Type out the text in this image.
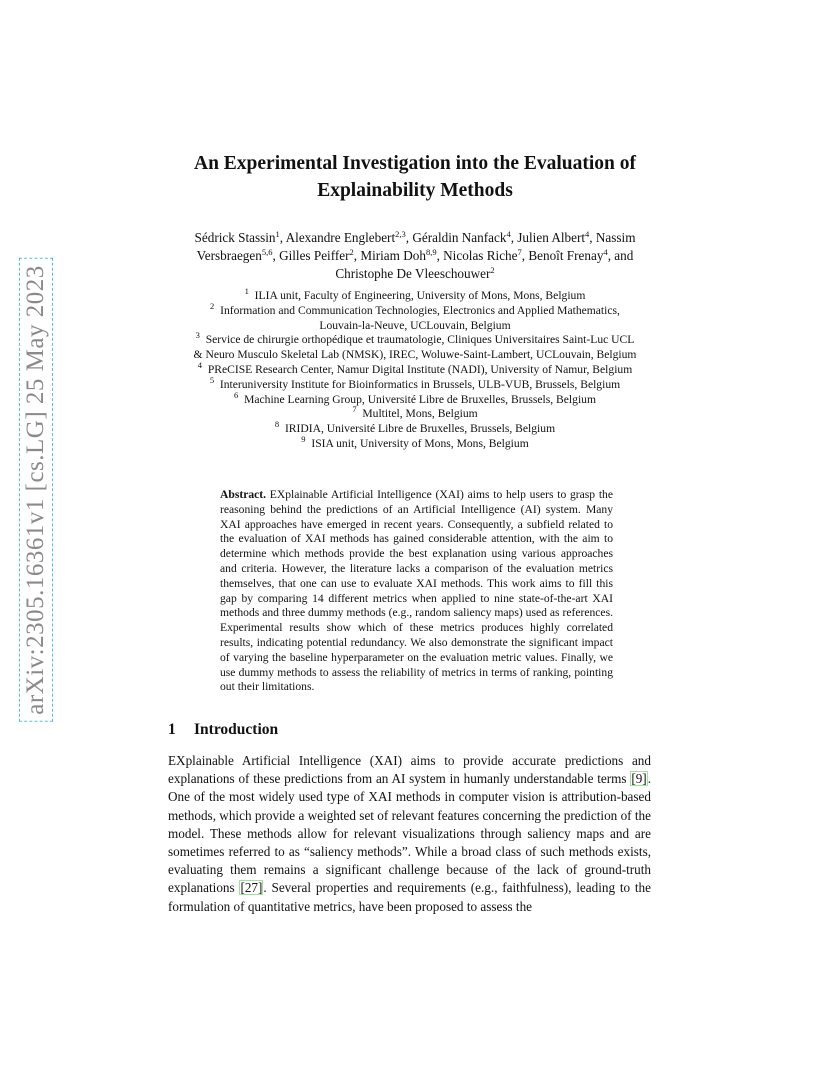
arXiv:2305.16361v1 [cs.LG] 25 May 2023
An Experimental Investigation into the Evaluation of
Explainability Methods
Sédrick Stassin$^1$, Alexandre Englebert$^{2,3}$, Géraldin Nanfack$^4$, Julien Albert$^4$, Nassim Versbraegen$^{5,6}$, Gilles Peiffer$^2$, Miriam Doh$^{8,9}$, Nicolas Riche$^7$, Benoît Frenay$^4$, and Christophe De Vleeschouwer$^2$
$^1$  ILIA unit, Faculty of Engineering, University of Mons, Mons, Belgium
$^2$  Information and Communication Technologies, Electronics and Applied Mathematics,
Louvain-la-Neuve, UCLouvain, Belgium
$^3$  Service de chirurgie orthopédique et traumatologie, Cliniques Universitaires Saint-Luc UCL
& Neuro Musculo Skeletal Lab (NMSK), IREC, Woluwe-Saint-Lambert, UCLouvain, Belgium
$^4$  PReCISE Research Center, Namur Digital Institute (NADI), University of Namur, Belgium
$^5$  Interuniversity Institute for Bioinformatics in Brussels, ULB-VUB, Brussels, Belgium
$^6$  Machine Learning Group, Université Libre de Bruxelles, Brussels, Belgium
$^7$  Multitel, Mons, Belgium
$^8$  IRIDIA, Université Libre de Bruxelles, Brussels, Belgium
$^9$  ISIA unit, University of Mons, Mons, Belgium
Abstract. EXplainable Artificial Intelligence (XAI) aims to help users to grasp the reasoning behind the predictions of an Artificial Intelligence (AI) system. Many XAI approaches have emerged in recent years. Consequently, a subfield related to the evaluation of XAI methods has gained considerable attention, with the aim to determine which methods provide the best explanation using various approaches and criteria. However, the literature lacks a comparison of the evaluation metrics themselves, that one can use to evaluate XAI methods. This work aims to fill this gap by comparing 14 different metrics when applied to nine state-of-the-art XAI methods and three dummy methods (e.g., random saliency maps) used as references. Experimental results show which of these metrics produces highly correlated results, indicating potential redundancy. We also demonstrate the significant impact of varying the baseline hyperparameter on the evaluation metric values. Finally, we use dummy methods to assess the reliability of metrics in terms of ranking, pointing out their limitations.
1 Introduction
EXplainable Artificial Intelligence (XAI) aims to provide accurate predictions and explanations of these predictions from an AI system in humanly understandable terms [9]. One of the most widely used type of XAI methods in computer vision is attribution-based methods, which provide a weighted set of relevant features concerning the prediction of the model. These methods allow for relevant visualizations through saliency maps and are sometimes referred to as “saliency methods”. While a broad class of such methods exists, evaluating them remains a significant challenge because of the lack of ground-truth explanations [27]. Several properties and requirements (e.g., faithfulness), leading to the formulation of quantitative metrics, have been proposed to assess the
